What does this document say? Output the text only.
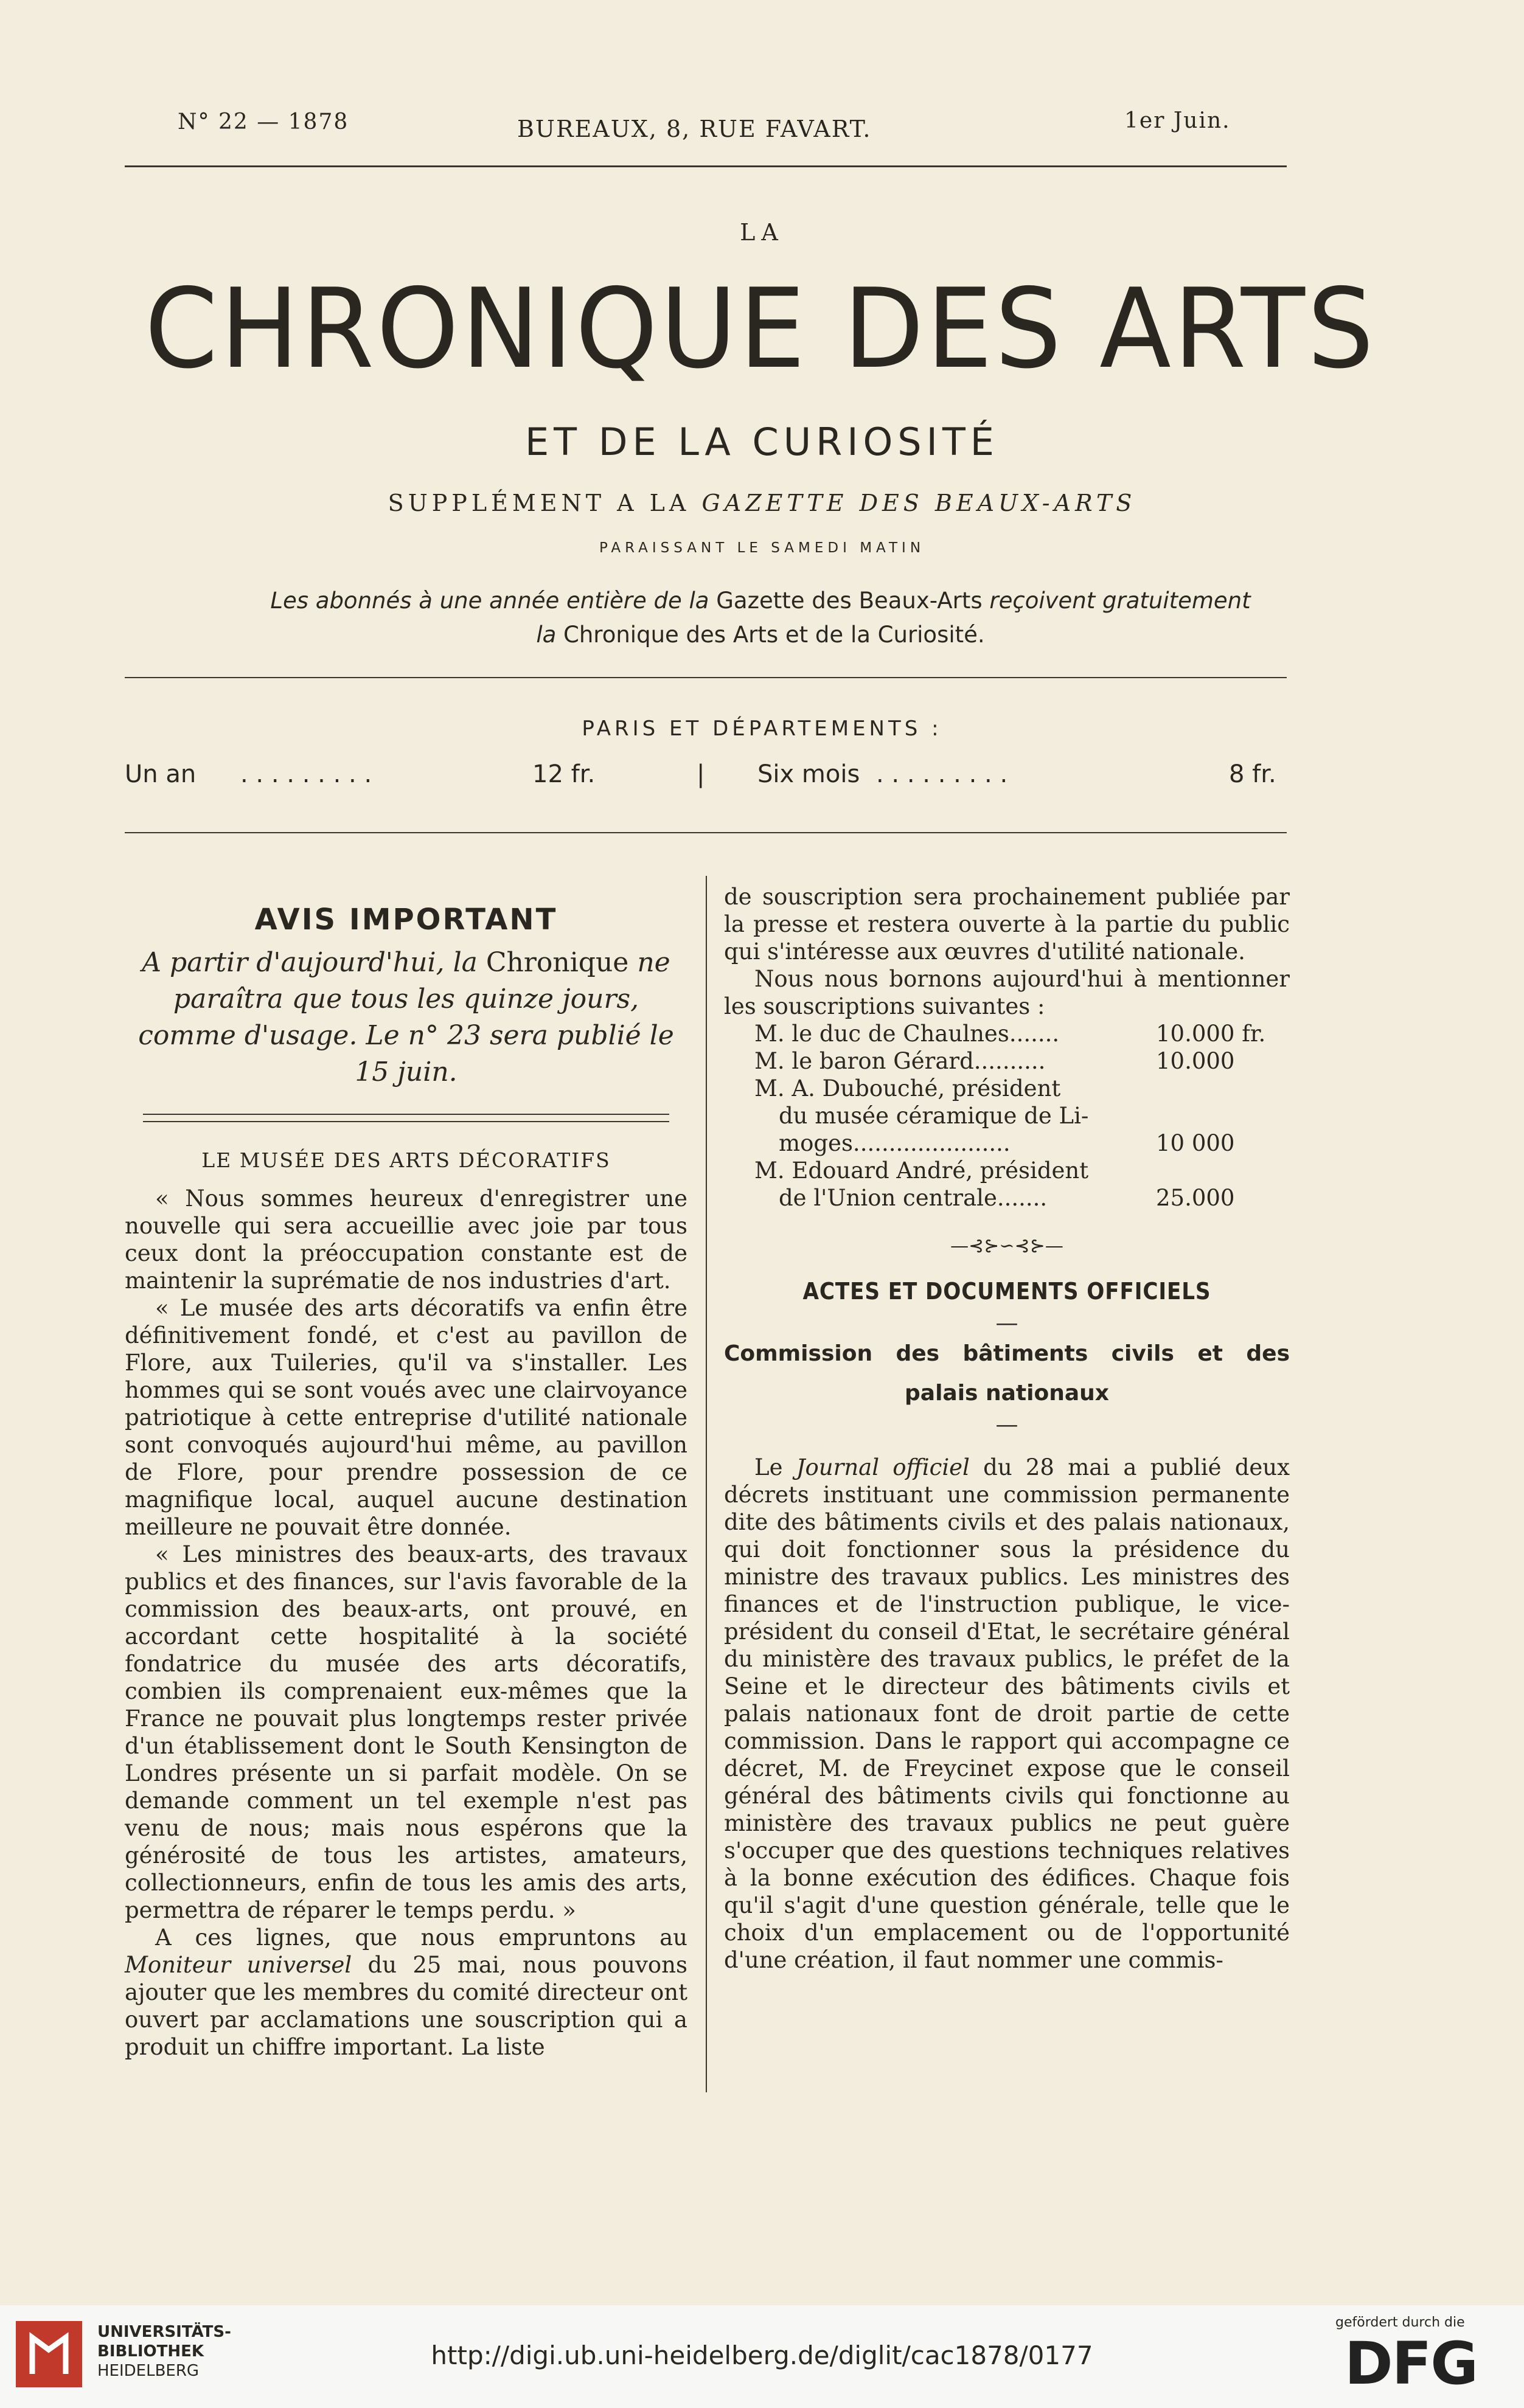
N° 22 — 1878	BUREAUX, 8, RUE FAVART.	1er Juin.
LA
CHRONIQUE DES ARTS
ET DE LA CURIOSITÉ
SUPPLÉMENT A LA GAZETTE DES BEAUX-ARTS
PARAISSANT LE SAMEDI MATIN
Les abonnés à une année entière de la Gazette des Beaux-Arts reçoivent gratuitement
la Chronique des Arts et de la Curiosité.
PARIS ET DÉPARTEMENTS :
Un an . . . . . . . . .	12 fr.	| Six mois . . . . . . . . .	8 fr.
AVIS IMPORTANT

A partir d'aujourd'hui, la Chronique ne paraîtra que tous les quinze jours, comme d'usage. Le n° 23 sera publié le 15 juin.

LE MUSÉE DES ARTS DÉCORATIFS

« Nous sommes heureux d'enregistrer une nouvelle qui sera accueillie avec joie par tous ceux dont la préoccupation constante est de maintenir la suprématie de nos industries d'art.

« Le musée des arts décoratifs va enfin être définitivement fondé, et c'est au pavillon de Flore, aux Tuileries, qu'il va s'installer. Les hommes qui se sont voués avec une clairvoyance patriotique à cette entreprise d'utilité nationale sont convoqués aujourd'hui même, au pavillon de Flore, pour prendre possession de ce magnifique local, auquel aucune destination meilleure ne pouvait être donnée.

« Les ministres des beaux-arts, des travaux publics et des finances, sur l'avis favorable de la commission des beaux-arts, ont prouvé, en accordant cette hospitalité à la société fondatrice du musée des arts décoratifs, combien ils comprenaient eux-mêmes que la France ne pouvait plus longtemps rester privée d'un établissement dont le South Kensington de Londres présente un si parfait modèle. On se demande comment un tel exemple n'est pas venu de nous; mais nous espérons que la générosité de tous les artistes, amateurs, collectionneurs, enfin de tous les amis des arts, permettra de réparer le temps perdu. »

A ces lignes, que nous empruntons au Moniteur universel du 25 mai, nous pouvons ajouter que les membres du comité directeur ont ouvert par acclamations une souscription qui a produit un chiffre important. La liste

de souscription sera prochainement publiée par la presse et restera ouverte à la partie du public qui s'intéresse aux œuvres d'utilité nationale.

Nous nous bornons aujourd'hui à mentionner les souscriptions suivantes :

M. le duc de Chaulnes.......	10.000 fr.
M. le baron Gérard..........	10.000
M. A. Dubouché, président
du musée céramique de Li-
moges......................	10 000
M. Edouard André, président
de l'Union centrale.......	25.000
—⊰⊱∽⊰⊱—
ACTES ET DOCUMENTS OFFICIELS
—
Commission des bâtiments civils et des
palais nationaux
—

Le Journal officiel du 28 mai a publié deux décrets instituant une commission permanente dite des bâtiments civils et des palais nationaux, qui doit fonctionner sous la présidence du ministre des travaux publics. Les ministres des finances et de l'instruction publique, le vice-président du conseil d'Etat, le secrétaire général du ministère des travaux publics, le préfet de la Seine et le directeur des bâtiments civils et palais nationaux font de droit partie de cette commission. Dans le rapport qui accompagne ce décret, M. de Freycinet expose que le conseil général des bâtiments civils qui fonctionne au ministère des travaux publics ne peut guère s'occuper que des questions techniques relatives à la bonne exécution des édifices. Chaque fois qu'il s'agit d'une question générale, telle que le choix d'un emplacement ou de l'opportunité d'une création, il faut nommer une commis-

UNIVERSITÄTS-
BIBLIOTHEK
HEIDELBERG
http://digi.ub.uni-heidelberg.de/diglit/cac1878/0177
gefördert durch die
DFG
